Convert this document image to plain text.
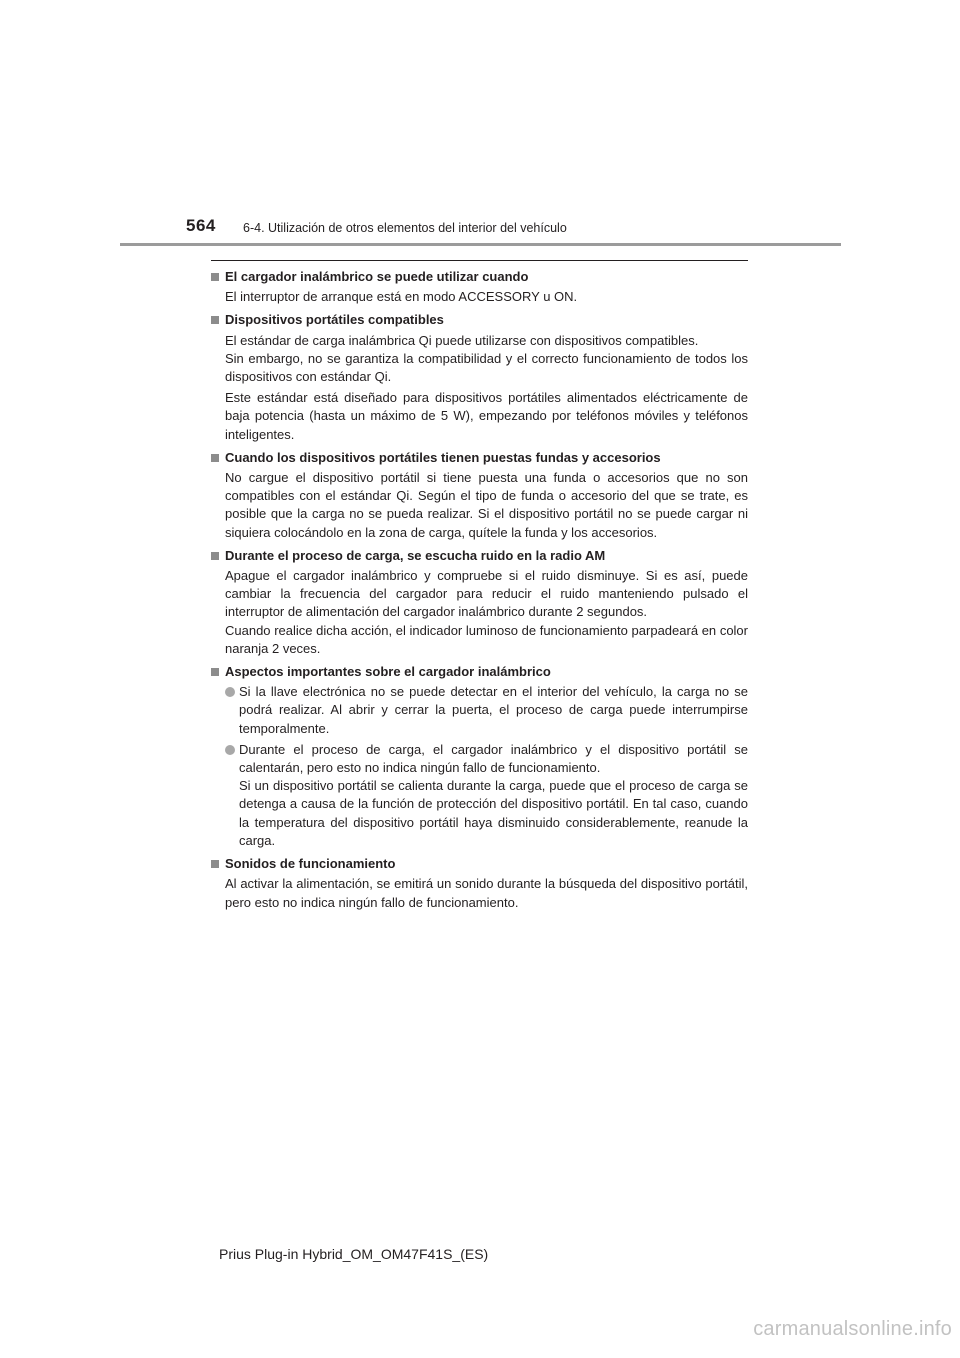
564 6-4. Utilización de otros elementos del interior del vehículo
El cargador inalámbrico se puede utilizar cuando
El interruptor de arranque está en modo ACCESSORY u ON.
Dispositivos portátiles compatibles
El estándar de carga inalámbrica Qi puede utilizarse con dispositivos compatibles.
Sin embargo, no se garantiza la compatibilidad y el correcto funcionamiento de todos los dispositivos con estándar Qi.
Este estándar está diseñado para dispositivos portátiles alimentados eléctricamente de baja potencia (hasta un máximo de 5 W), empezando por teléfonos móviles y teléfonos inteligentes.
Cuando los dispositivos portátiles tienen puestas fundas y accesorios
No cargue el dispositivo portátil si tiene puesta una funda o accesorios que no son compatibles con el estándar Qi. Según el tipo de funda o accesorio del que se trate, es posible que la carga no se pueda realizar. Si el dispositivo portátil no se puede cargar ni siquiera colocándolo en la zona de carga, quítele la funda y los accesorios.
Durante el proceso de carga, se escucha ruido en la radio AM
Apague el cargador inalámbrico y compruebe si el ruido disminuye. Si es así, puede cambiar la frecuencia del cargador para reducir el ruido manteniendo pulsado el interruptor de alimentación del cargador inalámbrico durante 2 segundos.
Cuando realice dicha acción, el indicador luminoso de funcionamiento parpadeará en color naranja 2 veces.
Aspectos importantes sobre el cargador inalámbrico
Si la llave electrónica no se puede detectar en el interior del vehículo, la carga no se podrá realizar. Al abrir y cerrar la puerta, el proceso de carga puede interrumpirse temporalmente.
Durante el proceso de carga, el cargador inalámbrico y el dispositivo portátil se calentarán, pero esto no indica ningún fallo de funcionamiento.
Si un dispositivo portátil se calienta durante la carga, puede que el proceso de carga se detenga a causa de la función de protección del dispositivo portátil. En tal caso, cuando la temperatura del dispositivo portátil haya disminuido considerablemente, reanude la carga.
Sonidos de funcionamiento
Al activar la alimentación, se emitirá un sonido durante la búsqueda del dispositivo portátil, pero esto no indica ningún fallo de funcionamiento.
Prius Plug-in Hybrid_OM_OM47F41S_(ES)
carmanualsonline.info
